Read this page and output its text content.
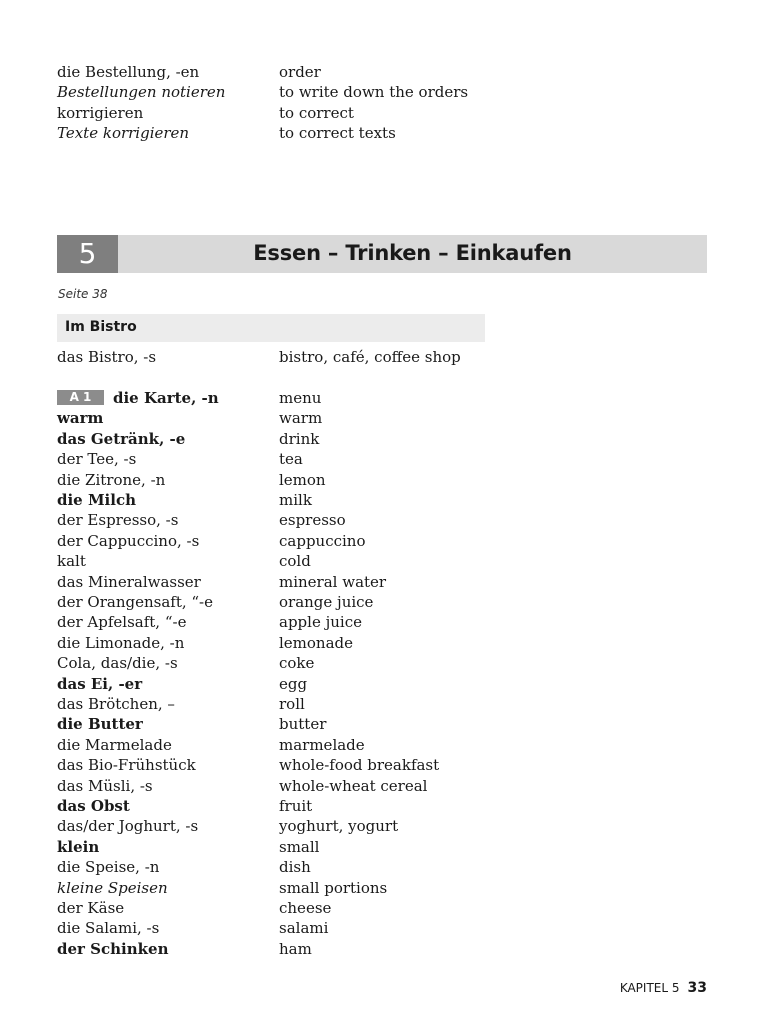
die Bestellung, -en	order
Bestellungen notieren	to write down the orders
korrigieren	to correct
Texte korrigieren	to correct texts
5	Essen – Trinken – Einkaufen
Seite 38
Im Bistro
das Bistro, -s	bistro, café, coffee shop
A 1 die Karte, -n	menu
warm	warm
das Getränk, -e	drink
der Tee, -s	tea
die Zitrone, -n	lemon
die Milch	milk
der Espresso, -s	espresso
der Cappuccino, -s	cappuccino
kalt	cold
das Mineralwasser	mineral water
der Orangensaft, “-e	orange juice
der Apfelsaft, “-e	apple juice
die Limonade, -n	lemonade
Cola, das/die, -s	coke
das Ei, -er	egg
das Brötchen, –	roll
die Butter	butter
die Marmelade	marmelade
das Bio-Frühstück	whole-food breakfast
das Müsli, -s	whole-wheat cereal
das Obst	fruit
das/der Joghurt, -s	yoghurt, yogurt
klein	small
die Speise, -n	dish
kleine Speisen	small portions
der Käse	cheese
die Salami, -s	salami
der Schinken	ham
KAPITEL 5 33
